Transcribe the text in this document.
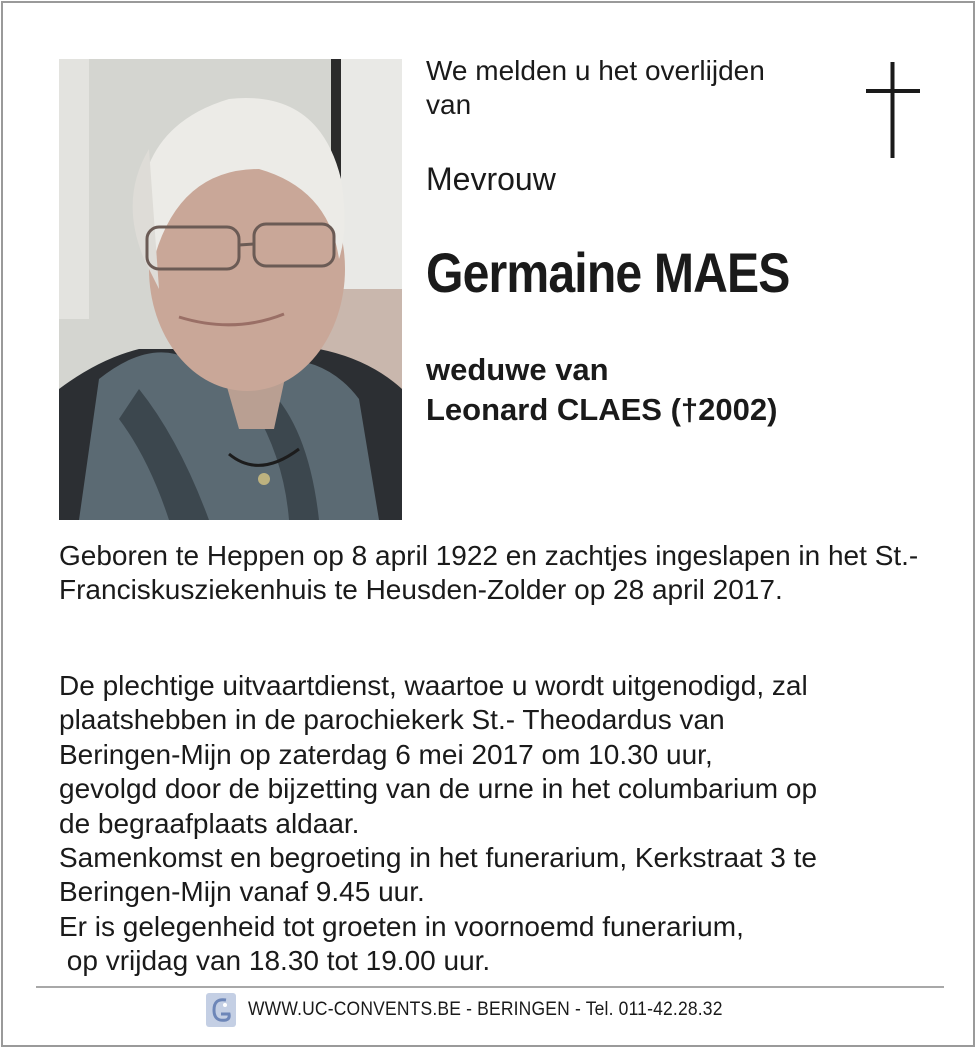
We melden u het overlijden
van
Mevrouw
Germaine MAES
weduwe van
Leonard CLAES (†2002)
Geboren te Heppen op 8 april 1922 en zachtjes ingeslapen in het St.-Franciskusziekenhuis te Heusden-Zolder op 28 april 2017.
De plechtige uitvaartdienst, waartoe u wordt uitgenodigd, zal
plaatshebben in de parochiekerk St.- Theodardus van
Beringen-Mijn op zaterdag 6 mei 2017 om 10.30 uur,
gevolgd door de bijzetting van de urne in het columbarium op
de begraafplaats aldaar.
Samenkomst en begroeting in het funerarium, Kerkstraat 3 te
Beringen-Mijn vanaf 9.45 uur.
Er is gelegenheid tot groeten in voornoemd funerarium,
op vrijdag van 18.30 tot 19.00 uur.
WWW.UC-CONVENTS.BE - BERINGEN - Tel. 011-42.28.32
